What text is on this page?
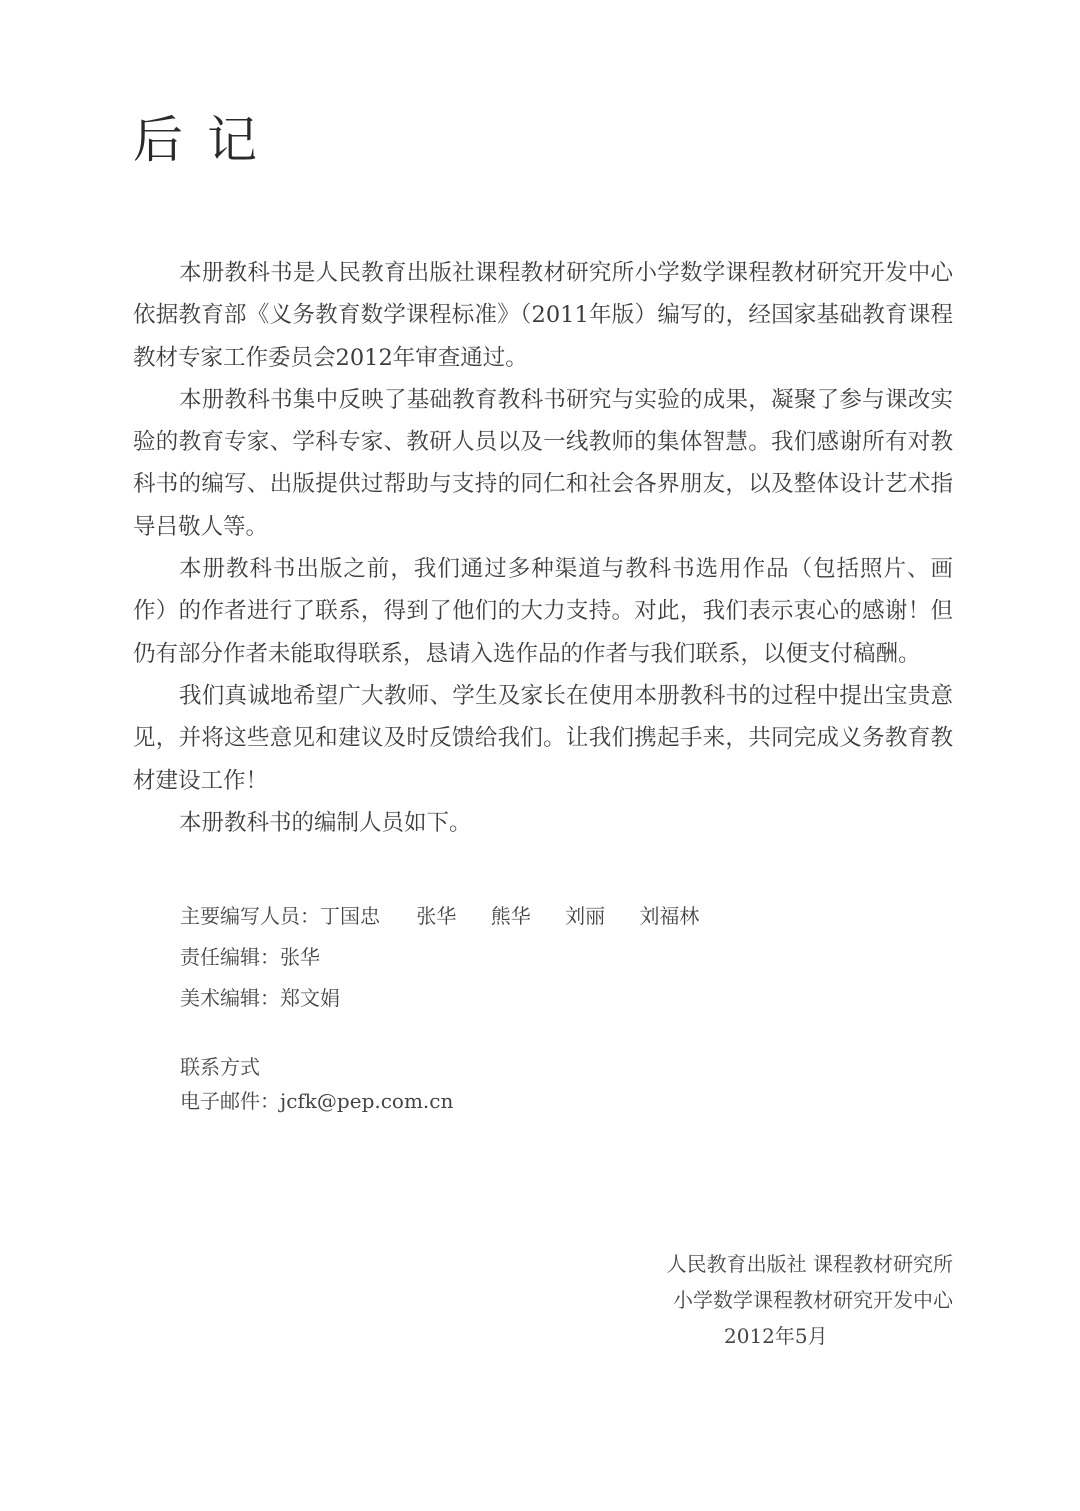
后记

本册教科书是人民教育出版社课程教材研究所小学数学课程教材研究开发中心依据教育部《义务教育数学课程标准》（2011年版）编写的，经国家基础教育课程教材专家工作委员会2012年审查通过。

本册教科书集中反映了基础教育教科书研究与实验的成果，凝聚了参与课改实验的教育专家、学科专家、教研人员以及一线教师的集体智慧。我们感谢所有对教科书的编写、出版提供过帮助与支持的同仁和社会各界朋友，以及整体设计艺术指导吕敬人等。

本册教科书出版之前，我们通过多种渠道与教科书选用作品（包括照片、画作）的作者进行了联系，得到了他们的大力支持。对此，我们表示衷心的感谢！但仍有部分作者未能取得联系，恳请入选作品的作者与我们联系，以便支付稿酬。

我们真诚地希望广大教师、学生及家长在使用本册教科书的过程中提出宝贵意见，并将这些意见和建议及时反馈给我们。让我们携起手来，共同完成义务教育教材建设工作！

本册教科书的编制人员如下。

主要编写人员：丁国忠 张华 熊华 刘丽 刘福林
责任编辑：张华
美术编辑：郑文娟
联系方式
电子邮件：jcfk@pep.com.cn
人民教育出版社 课程教材研究所
小学数学课程教材研究开发中心
2012年5月
